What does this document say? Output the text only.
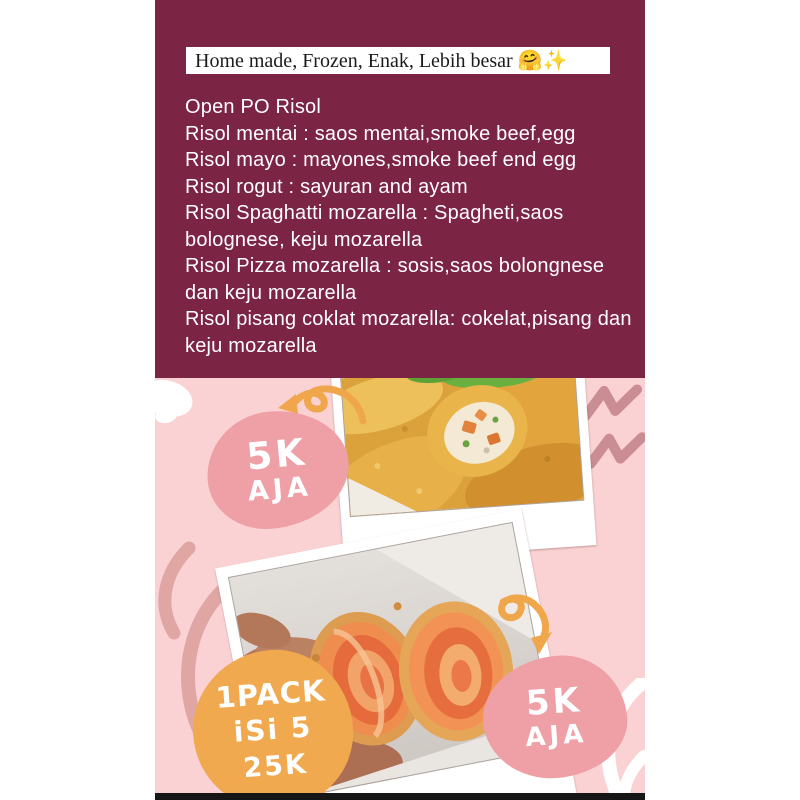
Home made, Frozen, Enak, Lebih besar 🤗✨
Open PO Risol
Risol mentai : saos mentai,smoke beef,egg
Risol mayo : mayones,smoke beef end egg
Risol rogut : sayuran and ayam
Risol Spaghatti mozarella : Spagheti,saos bolognese, keju mozarella
Risol Pizza mozarella : sosis,saos bolongnese dan keju mozarella
Risol pisang coklat mozarella: cokelat,pisang dan keju mozarella
5K
AJA
1PACK
iSi 5
25K
5K
AJA
